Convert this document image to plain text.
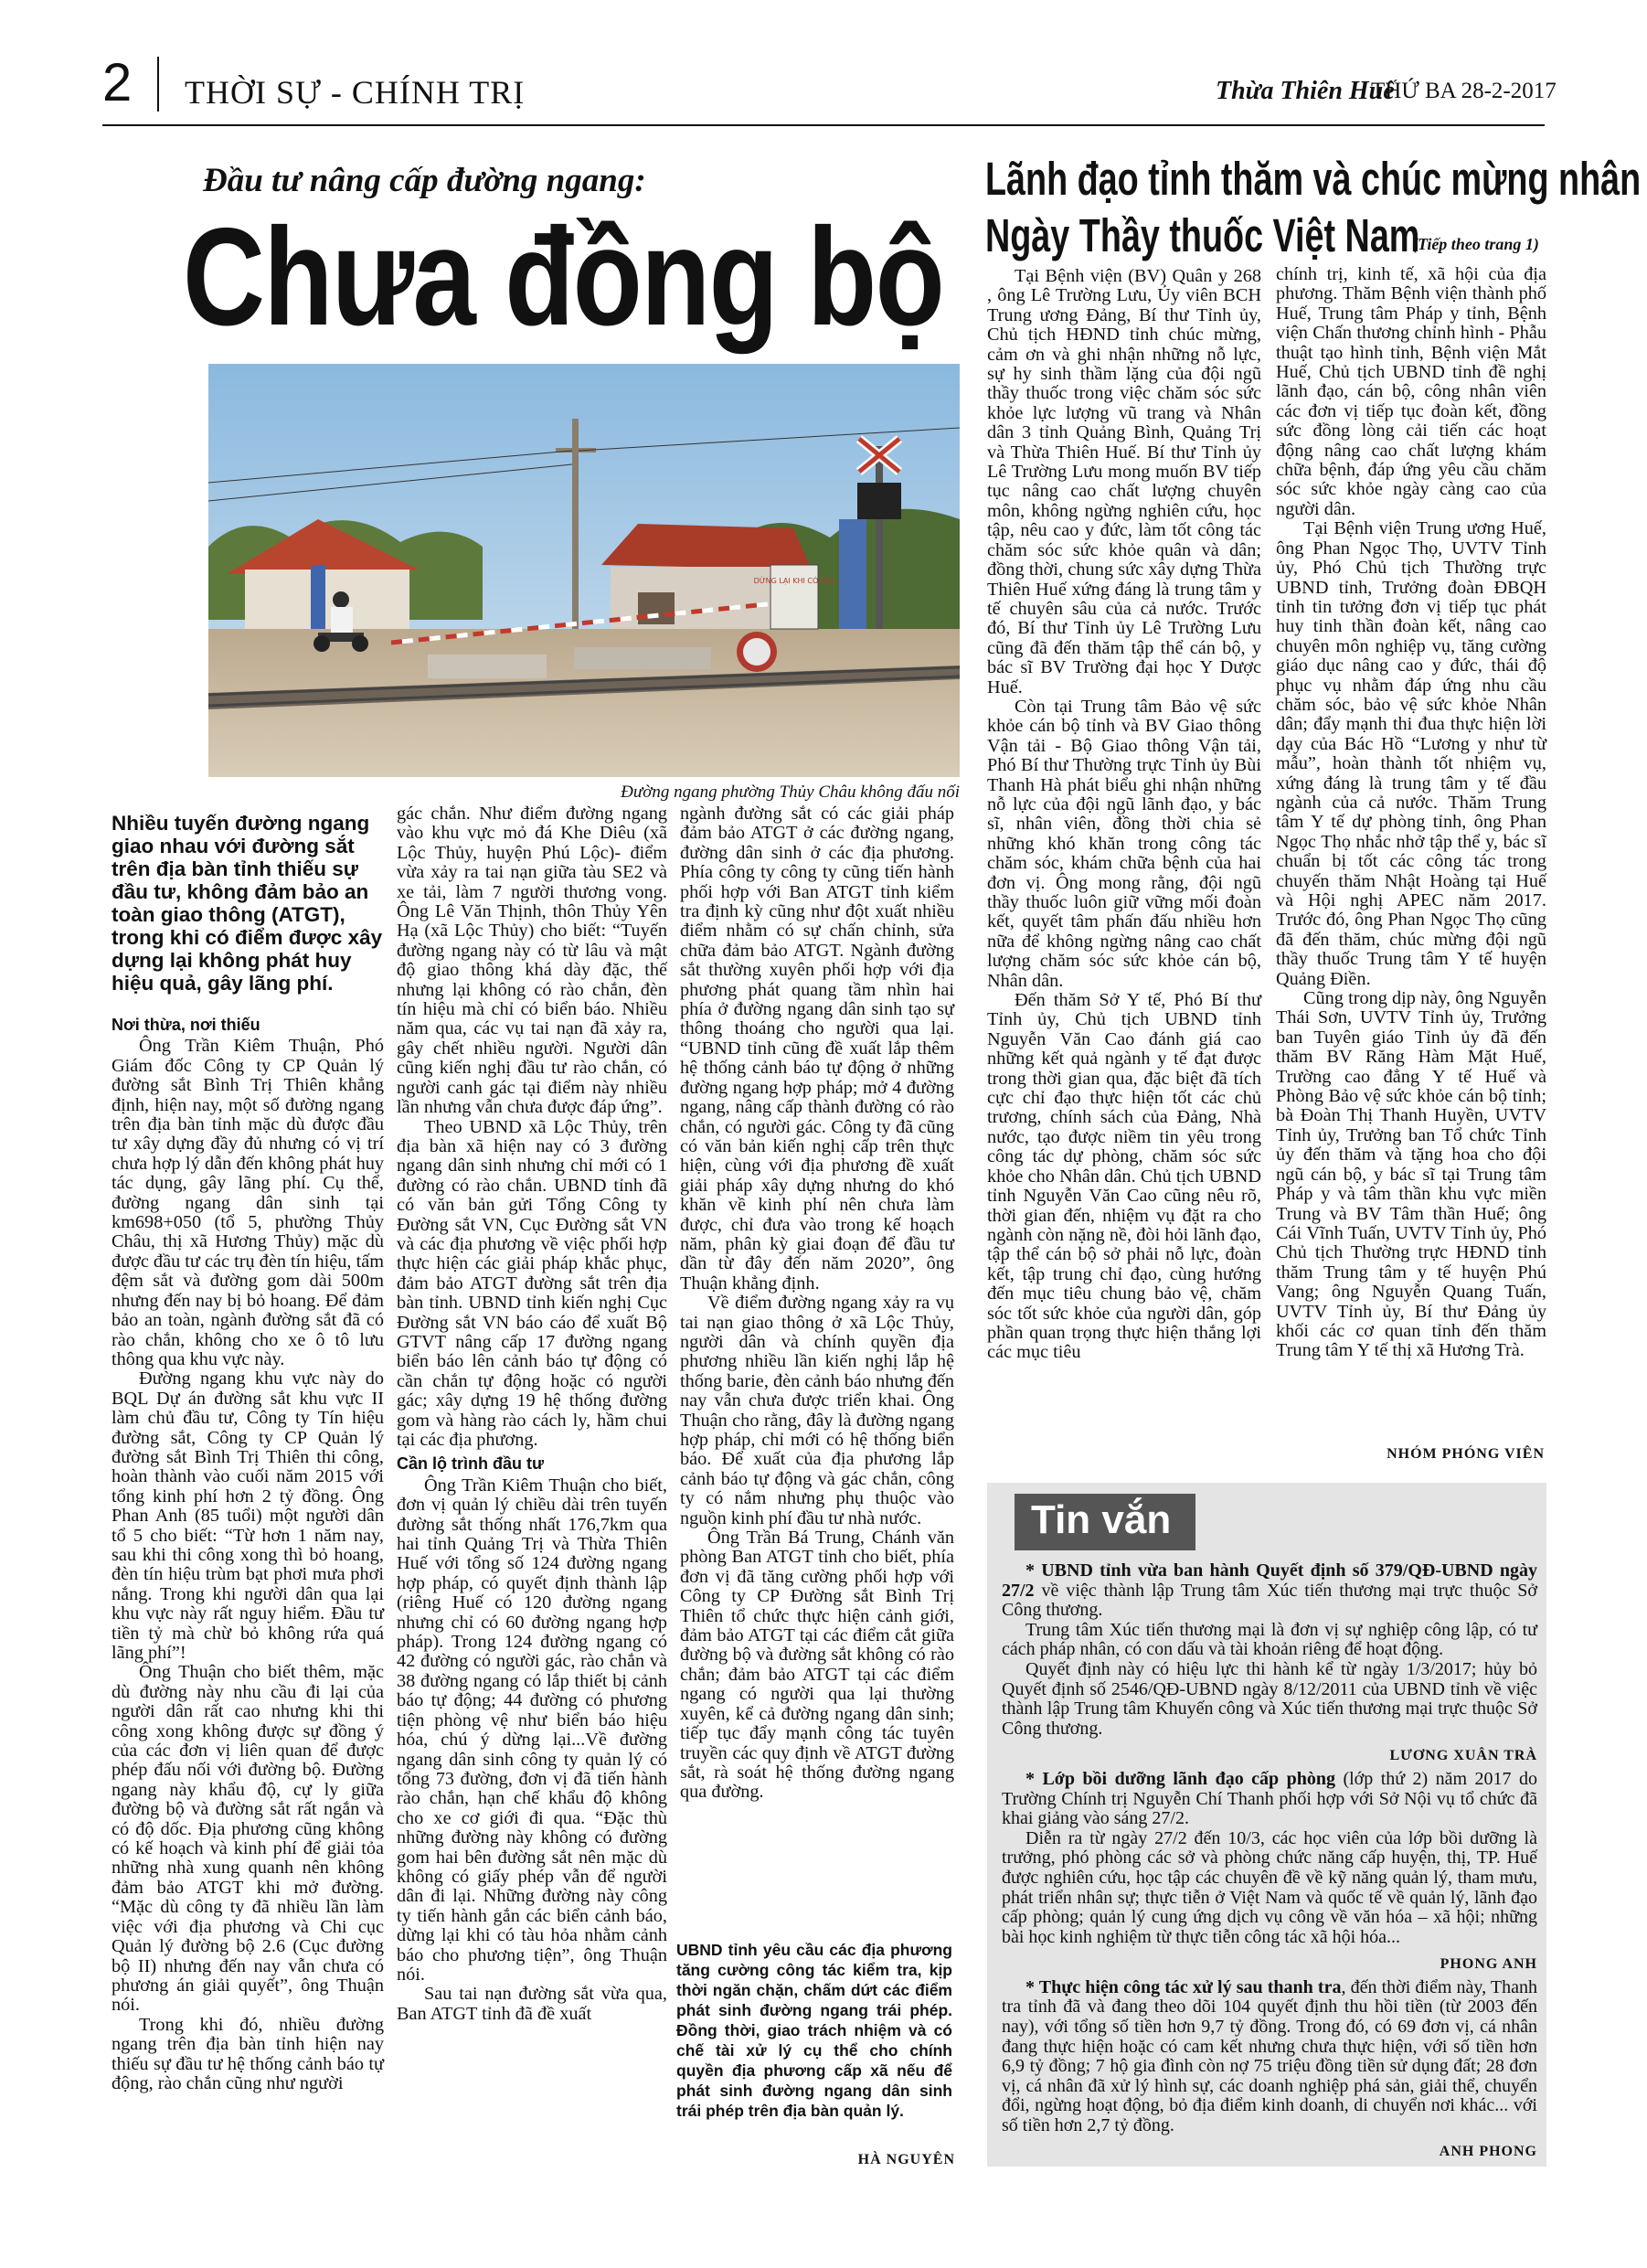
2 THỜI SỰ - CHÍNH TRỊ	Thừa Thiên Huế
THỨ BA 28-2-2017
Đầu tư nâng cấp đường ngang:
Chưa đồng bộ
DỪNG LẠI KHI CÓ TÀU
Đường ngang phường Thủy Châu không đấu nối
Nhiều tuyến đường ngang giao nhau với đường sắt trên địa bàn tỉnh thiếu sự đầu tư, không đảm bảo an toàn giao thông (ATGT), trong khi có điểm được xây dựng lại không phát huy hiệu quả, gây lãng phí.

Nơi thừa, nơi thiếu

Ông Trần Kiêm Thuận, Phó Giám đốc Công ty CP Quản lý đường sắt Bình Trị Thiên khẳng định, hiện nay, một số đường ngang trên địa bàn tỉnh mặc dù được đầu tư xây dựng đầy đủ nhưng có vị trí chưa hợp lý dẫn đến không phát huy tác dụng, gây lãng phí. Cụ thể, đường ngang dân sinh tại km698+050 (tổ 5, phường Thủy Châu, thị xã Hương Thủy) mặc dù được đầu tư các trụ đèn tín hiệu, tấm đệm sắt và đường gom dài 500m nhưng đến nay bị bỏ hoang. Để đảm bảo an toàn, ngành đường sắt đã có rào chắn, không cho xe ô tô lưu thông qua khu vực này.

Đường ngang khu vực này do BQL Dự án đường sắt khu vực II làm chủ đầu tư, Công ty Tín hiệu đường sắt, Công ty CP Quản lý đường sắt Bình Trị Thiên thi công, hoàn thành vào cuối năm 2015 với tổng kinh phí hơn 2 tỷ đồng. Ông Phan Anh (85 tuổi) một người dân tổ 5 cho biết: “Từ hơn 1 năm nay, sau khi thi công xong thì bỏ hoang, đèn tín hiệu trùm bạt phơi mưa phơi nắng. Trong khi người dân qua lại khu vực này rất nguy hiểm. Đầu tư tiền tỷ mà chừ bỏ không rứa quá lãng phí”!

Ông Thuận cho biết thêm, mặc dù đường này nhu cầu đi lại của người dân rất cao nhưng khi thi công xong không được sự đồng ý của các đơn vị liên quan để được phép đấu nối với đường bộ. Đường ngang này khẩu độ, cự ly giữa đường bộ và đường sắt rất ngắn và có độ dốc. Địa phương cũng không có kế hoạch và kinh phí để giải tỏa những nhà xung quanh nên không đảm bảo ATGT khi mở đường. “Mặc dù công ty đã nhiều lần làm việc với địa phương và Chi cục Quản lý đường bộ 2.6 (Cục đường bộ II) nhưng đến nay vẫn chưa có phương án giải quyết”, ông Thuận nói.

Trong khi đó, nhiều đường ngang trên địa bàn tỉnh hiện nay thiếu sự đầu tư hệ thống cảnh báo tự động, rào chắn cũng như người

gác chắn. Như điểm đường ngang vào khu vực mỏ đá Khe Diêu (xã Lộc Thủy, huyện Phú Lộc)- điểm vừa xảy ra tai nạn giữa tàu SE2 và xe tải, làm 7 người thương vong. Ông Lê Văn Thịnh, thôn Thủy Yên Hạ (xã Lộc Thủy) cho biết: “Tuyến đường ngang này có từ lâu và mật độ giao thông khá dày đặc, thế nhưng lại không có rào chắn, đèn tín hiệu mà chỉ có biển báo. Nhiều năm qua, các vụ tai nạn đã xảy ra, gây chết nhiều người. Người dân cũng kiến nghị đầu tư rào chắn, có người canh gác tại điểm này nhiều lần nhưng vẫn chưa được đáp ứng”.

Theo UBND xã Lộc Thủy, trên địa bàn xã hiện nay có 3 đường ngang dân sinh nhưng chỉ mới có 1 đường có rào chắn. UBND tỉnh đã có văn bản gửi Tổng Công ty Đường sắt VN, Cục Đường sắt VN và các địa phương về việc phối hợp thực hiện các giải pháp khắc phục, đảm bảo ATGT đường sắt trên địa bàn tỉnh. UBND tỉnh kiến nghị Cục Đường sắt VN báo cáo để xuất Bộ GTVT nâng cấp 17 đường ngang biển báo lên cảnh báo tự động có cần chắn tự động hoặc có người gác; xây dựng 19 hệ thống đường gom và hàng rào cách ly, hầm chui tại các địa phương.

Cần lộ trình đầu tư

Ông Trần Kiêm Thuận cho biết, đơn vị quản lý chiều dài trên tuyến đường sắt thống nhất 176,7km qua hai tỉnh Quảng Trị và Thừa Thiên Huế với tổng số 124 đường ngang hợp pháp, có quyết định thành lập (riêng Huế có 120 đường ngang nhưng chỉ có 60 đường ngang hợp pháp). Trong 124 đường ngang có 42 đường có người gác, rào chắn và 38 đường ngang có lắp thiết bị cảnh báo tự động; 44 đường có phương tiện phòng vệ như biển báo hiệu hóa, chú ý dừng lại...Về đường ngang dân sinh công ty quản lý có tổng 73 đường, đơn vị đã tiến hành rào chắn, hạn chế khẩu độ không cho xe cơ giới đi qua. “Đặc thù những đường này không có đường gom hai bên đường sắt nên mặc dù không có giấy phép vẫn để người dân đi lại. Những đường này công ty tiến hành gắn các biển cảnh báo, dừng lại khi có tàu hỏa nhằm cảnh báo cho phương tiện”, ông Thuận nói.

Sau tai nạn đường sắt vừa qua, Ban ATGT tỉnh đã đề xuất

ngành đường sắt có các giải pháp đảm bảo ATGT ở các đường ngang, đường dân sinh ở các địa phương. Phía công ty công ty cũng tiến hành phối hợp với Ban ATGT tỉnh kiểm tra định kỳ cũng như đột xuất nhiều điểm nhằm có sự chấn chỉnh, sửa chữa đảm bảo ATGT. Ngành đường sắt thường xuyên phối hợp với địa phương phát quang tầm nhìn hai phía ở đường ngang dân sinh tạo sự thông thoáng cho người qua lại. “UBND tỉnh cũng đề xuất lắp thêm hệ thống cảnh báo tự động ở những đường ngang hợp pháp; mở 4 đường ngang, nâng cấp thành đường có rào chắn, có người gác. Công ty đã cũng có văn bản kiến nghị cấp trên thực hiện, cùng với địa phương đề xuất giải pháp xây dựng nhưng do khó khăn về kinh phí nên chưa làm được, chỉ đưa vào trong kế hoạch năm, phân kỳ giai đoạn để đầu tư dần từ đây đến năm 2020”, ông Thuận khẳng định.

Về điểm đường ngang xảy ra vụ tai nạn giao thông ở xã Lộc Thủy, người dân và chính quyền địa phương nhiều lần kiến nghị lắp hệ thống barie, đèn cảnh báo nhưng đến nay vẫn chưa được triển khai. Ông Thuận cho rằng, đây là đường ngang hợp pháp, chỉ mới có hệ thống biển báo. Để xuất của địa phương lắp cảnh báo tự động và gác chắn, công ty có nắm nhưng phụ thuộc vào nguồn kinh phí đầu tư nhà nước.

Ông Trần Bá Trung, Chánh văn phòng Ban ATGT tỉnh cho biết, phía đơn vị đã tăng cường phối hợp với Công ty CP Đường sắt Bình Trị Thiên tổ chức thực hiện cảnh giới, đảm bảo ATGT tại các điểm cắt giữa đường bộ và đường sắt không có rào chắn; đảm bảo ATGT tại các điểm ngang có người qua lại thường xuyên, kể cả đường ngang dân sinh; tiếp tục đẩy mạnh công tác tuyên truyền các quy định về ATGT đường sắt, rà soát hệ thống đường ngang qua đường.

UBND tỉnh yêu cầu các địa phương tăng cường công tác kiểm tra, kịp thời ngăn chặn, chấm dứt các điểm phát sinh đường ngang trái phép. Đồng thời, giao trách nhiệm và có chế tài xử lý cụ thể cho chính quyền địa phương cấp xã nếu để phát sinh đường ngang dân sinh trái phép trên địa bàn quản lý.
HÀ NGUYÊN
Lãnh đạo tỉnh thăm và chúc mừng nhân
Ngày Thầy thuốc Việt Nam
(Tiếp theo trang 1)

Tại Bệnh viện (BV) Quân y 268 , ông Lê Trường Lưu, Ủy viên BCH Trung ương Đảng, Bí thư Tỉnh ủy, Chủ tịch HĐND tỉnh chúc mừng, cảm ơn và ghi nhận những nỗ lực, sự hy sinh thầm lặng của đội ngũ thầy thuốc trong việc chăm sóc sức khỏe lực lượng vũ trang và Nhân dân 3 tỉnh Quảng Bình, Quảng Trị và Thừa Thiên Huế. Bí thư Tỉnh ủy Lê Trường Lưu mong muốn BV tiếp tục nâng cao chất lượng chuyên môn, không ngừng nghiên cứu, học tập, nêu cao y đức, làm tốt công tác chăm sóc sức khỏe quân và dân; đồng thời, chung sức xây dựng Thừa Thiên Huế xứng đáng là trung tâm y tế chuyên sâu của cả nước. Trước đó, Bí thư Tỉnh ủy Lê Trường Lưu cũng đã đến thăm tập thể cán bộ, y bác sĩ BV Trường đại học Y Dược Huế.

Còn tại Trung tâm Bảo vệ sức khỏe cán bộ tỉnh và BV Giao thông Vận tải - Bộ Giao thông Vận tải, Phó Bí thư Thường trực Tỉnh ủy Bùi Thanh Hà phát biểu ghi nhận những nỗ lực của đội ngũ lãnh đạo, y bác sĩ, nhân viên, đồng thời chia sẻ những khó khăn trong công tác chăm sóc, khám chữa bệnh của hai đơn vị. Ông mong rằng, đội ngũ thầy thuốc luôn giữ vững mối đoàn kết, quyết tâm phấn đấu nhiều hơn nữa để không ngừng nâng cao chất lượng chăm sóc sức khỏe cán bộ, Nhân dân.

Đến thăm Sở Y tế, Phó Bí thư Tỉnh ủy, Chủ tịch UBND tỉnh Nguyễn Văn Cao đánh giá cao những kết quả ngành y tế đạt được trong thời gian qua, đặc biệt đã tích cực chỉ đạo thực hiện tốt các chủ trương, chính sách của Đảng, Nhà nước, tạo được niềm tin yêu trong công tác dự phòng, chăm sóc sức khỏe cho Nhân dân. Chủ tịch UBND tỉnh Nguyễn Văn Cao cũng nêu rõ, thời gian đến, nhiệm vụ đặt ra cho ngành còn nặng nề, đòi hỏi lãnh đạo, tập thể cán bộ sở phải nỗ lực, đoàn kết, tập trung chỉ đạo, cùng hướng đến mục tiêu chung bảo vệ, chăm sóc tốt sức khỏe của người dân, góp phần quan trọng thực hiện thắng lợi các mục tiêu

chính trị, kinh tế, xã hội của địa phương. Thăm Bệnh viện thành phố Huế, Trung tâm Pháp y tỉnh, Bệnh viện Chấn thương chỉnh hình - Phẫu thuật tạo hình tỉnh, Bệnh viện Mắt Huế, Chủ tịch UBND tỉnh đề nghị lãnh đạo, cán bộ, công nhân viên các đơn vị tiếp tục đoàn kết, đồng sức đồng lòng cải tiến các hoạt động nâng cao chất lượng khám chữa bệnh, đáp ứng yêu cầu chăm sóc sức khỏe ngày càng cao của người dân.

Tại Bệnh viện Trung ương Huế, ông Phan Ngọc Thọ, UVTV Tỉnh ủy, Phó Chủ tịch Thường trực UBND tỉnh, Trưởng đoàn ĐBQH tỉnh tin tưởng đơn vị tiếp tục phát huy tinh thần đoàn kết, nâng cao chuyên môn nghiệp vụ, tăng cường giáo dục nâng cao y đức, thái độ phục vụ nhằm đáp ứng nhu cầu chăm sóc, bảo vệ sức khỏe Nhân dân; đẩy mạnh thi đua thực hiện lời dạy của Bác Hồ “Lương y như từ mẫu”, hoàn thành tốt nhiệm vụ, xứng đáng là trung tâm y tế đầu ngành của cả nước. Thăm Trung tâm Y tế dự phòng tỉnh, ông Phan Ngọc Thọ nhắc nhở tập thể y, bác sĩ chuẩn bị tốt các công tác trong chuyến thăm Nhật Hoàng tại Huế và Hội nghị APEC năm 2017. Trước đó, ông Phan Ngọc Thọ cũng đã đến thăm, chúc mừng đội ngũ thầy thuốc Trung tâm Y tế huyện Quảng Điền.

Cũng trong dịp này, ông Nguyễn Thái Sơn, UVTV Tỉnh ủy, Trưởng ban Tuyên giáo Tỉnh ủy đã đến thăm BV Răng Hàm Mặt Huế, Trường cao đẳng Y tế Huế và Phòng Bảo vệ sức khỏe cán bộ tỉnh; bà Đoàn Thị Thanh Huyền, UVTV Tỉnh ủy, Trưởng ban Tổ chức Tỉnh ủy đến thăm và tặng hoa cho đội ngũ cán bộ, y bác sĩ tại Trung tâm Pháp y và tâm thần khu vực miền Trung và BV Tâm thần Huế; ông Cái Vĩnh Tuấn, UVTV Tỉnh ủy, Phó Chủ tịch Thường trực HĐND tỉnh thăm Trung tâm y tế huyện Phú Vang; ông Nguyễn Quang Tuấn, UVTV Tỉnh ủy, Bí thư Đảng ủy khối các cơ quan tỉnh đến thăm Trung tâm Y tế thị xã Hương Trà.

NHÓM PHÓNG VIÊN
Tin vắn

* UBND tỉnh vừa ban hành Quyết định số 379/QĐ-UBND ngày 27/2 về việc thành lập Trung tâm Xúc tiến thương mại trực thuộc Sở Công thương.

Trung tâm Xúc tiến thương mại là đơn vị sự nghiệp công lập, có tư cách pháp nhân, có con dấu và tài khoản riêng để hoạt động.

Quyết định này có hiệu lực thi hành kể từ ngày 1/3/2017; hủy bỏ Quyết định số 2546/QĐ-UBND ngày 8/12/2011 của UBND tỉnh về việc thành lập Trung tâm Khuyến công và Xúc tiến thương mại trực thuộc Sở Công thương.

LƯƠNG XUÂN TRÀ

* Lớp bồi dưỡng lãnh đạo cấp phòng (lớp thứ 2) năm 2017 do Trường Chính trị Nguyễn Chí Thanh phối hợp với Sở Nội vụ tổ chức đã khai giảng vào sáng 27/2.

Diễn ra từ ngày 27/2 đến 10/3, các học viên của lớp bồi dưỡng là trưởng, phó phòng các sở và phòng chức năng cấp huyện, thị, TP. Huế được nghiên cứu, học tập các chuyên đề về kỹ năng quản lý, tham mưu, phát triển nhân sự; thực tiễn ở Việt Nam và quốc tế về quản lý, lãnh đạo cấp phòng; quản lý cung ứng dịch vụ công về văn hóa – xã hội; những bài học kinh nghiệm từ thực tiễn công tác xã hội hóa...

PHONG ANH

* Thực hiện công tác xử lý sau thanh tra, đến thời điểm này, Thanh tra tỉnh đã và đang theo dõi 104 quyết định thu hồi tiền (từ 2003 đến nay), với tổng số tiền hơn 9,7 tỷ đồng. Trong đó, có 69 đơn vị, cá nhân đang thực hiện hoặc có cam kết nhưng chưa thực hiện, với số tiền hơn 6,9 tỷ đồng; 7 hộ gia đình còn nợ 75 triệu đồng tiền sử dụng đất; 28 đơn vị, cá nhân đã xử lý hình sự, các doanh nghiệp phá sản, giải thể, chuyển đổi, ngừng hoạt động, bỏ địa điểm kinh doanh, di chuyển nơi khác... với số tiền hơn 2,7 tỷ đồng.

ANH PHONG
